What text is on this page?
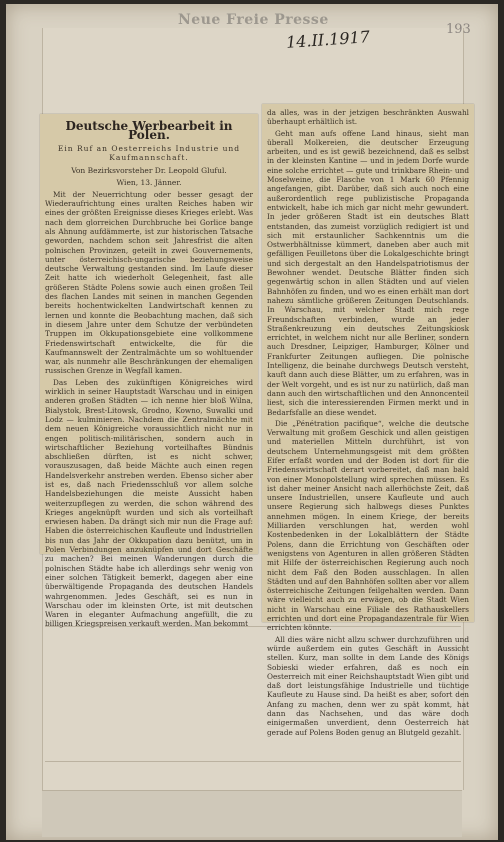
Neue Freie Presse
14.II.1917	193
Deutsche Werbearbeit in Polen.
Ein Ruf an Oesterreichs Industrie und Kaufmannschaft.
Von Bezirksvorsteher Dr. Leopold Gluful.
Wien, 13. Jänner.

Mit der Neuerrichtung oder besser gesagt der Wiederaufrichtung eines uralten Reiches haben wir eines der größten Ereignisse dieses Krieges erlebt. Was nach dem glorreichen Durchbruche bei Gorlice bange als Ahnung aufdämmerte, ist zur historischen Tatsache geworden, nachdem schon seit Jahresfrist die alten polnischen Provinzen, geteilt in zwei Gouvernements, unter österreichisch-ungarische beziehungsweise deutsche Verwaltung gestanden sind. Im Laufe dieser Zeit hatte ich wiederholt Gelegenheit, fast alle größeren Städte Polens sowie auch einen großen Teil des flachen Landes mit seinen in manchen Gegenden bereits hochentwickelten Landwirtschaft kennen zu lernen und konnte die Beobachtung machen, daß sich in diesem Jahre unter dem Schutze der verbündeten Truppen im Okkupationsgebiete eine vollkommene Friedenswirtschaft entwickelte, die für die Kaufmannswelt der Zentralmächte um so wohltuender war, als nunmehr alle Beschränkungen der ehemaligen russischen Grenze in Wegfall kamen.

Das Leben des zukünftigen Königreiches wird wirklich in seiner Hauptstadt Warschau und in einigen anderen großen Städten — ich nenne hier bloß Wilna, Bialystok, Brest-Litowsk, Grodno, Kowno, Suwalki und Lodz — kulminieren. Nachdem die Zentralmächte mit dem neuen Königreiche voraussichtlich nicht nur in engen politisch-militärischen, sondern auch in wirtschaftlicher Beziehung vorteilhaftes Bündnis abschließen dürften, ist es nicht schwer, vorauszusagen, daß beide Mächte auch einen regen Handelsverkehr anstreben werden. Ebenso sicher aber ist es, daß nach Friedensschluß vor allem solche Handelsbeziehungen die meiste Aussicht haben weiterzupflegen zu werden, die schon während des Krieges angeknüpft wurden und sich als vorteilhaft erwiesen haben. Da drängt sich mir nun die Frage auf: Haben die österreichischen Kaufleute und Industriellen bis nun das Jahr der Okkupation dazu benützt, um in Polen Verbindungen anzuknüpfen und dort Geschäfte zu machen? Bei meinen Wanderungen durch die polnischen Städte habe ich allerdings sehr wenig von einer solchen Tätigkeit bemerkt, dagegen aber eine überwältigende Propaganda des deutschen Handels wahrgenommen. Jedes Geschäft, sei es nun in Warschau oder im kleinsten Orte, ist mit deutschen Waren in eleganter Aufmachung angefüllt, die zu billigen Kriegspreisen verkauft werden. Man bekommt

da alles, was in der jetzigen beschränkten Auswahl überhaupt erhältlich ist.

Geht man aufs offene Land hinaus, sieht man überall Molkereien, die deutscher Erzeugung arbeiten, und es ist gewiß bezeichnend, daß es selbst in der kleinsten Kantine — und in jedem Dorfe wurde eine solche errichtet — gute und trinkbare Rhein- und Moselweine, die Flasche von 1 Mark 60 Pfennig angefangen, gibt. Darüber, daß sich auch noch eine außerordentlich rege publizistische Propaganda entwickelt, habe ich mich gar nicht mehr gewundert. In jeder größeren Stadt ist ein deutsches Blatt entstanden, das zumeist vorzüglich redigiert ist und sich mit erstaunlicher Sachkenntnis um die Ostwerbhältnisse kümmert, daneben aber auch mit gefälligen Feuilletons über die Lokalgeschichte bringt und sich dergestalt an den Handelspatriotismus der Bewohner wendet. Deutsche Blätter finden sich gegenwärtig schon in allen Städten und auf vielen Bahnhöfen zu finden, und wo es einen erhält man dort nahezu sämtliche größeren Zeitungen Deutschlands. In Warschau, mit welcher Stadt mich rege Freundschaften verbinden, wurde an jeder Straßenkreuzung ein deutsches Zeitungskiosk errichtet, in welchem nicht nur alle Berliner, sondern auch Dresdner, Leipziger, Hamburger, Kölner und Frankfurter Zeitungen aufliegen. Die polnische Intelligenz, die beinahe durchwegs Deutsch versteht, kauft dann auch diese Blätter, um zu erfahren, was in der Welt vorgeht, und es ist nur zu natürlich, daß man dann auch den wirtschaftlichen und den Annoncenteil liest, sich die interessierenden Firmen merkt und in Bedarfsfalle an diese wendet.

Die „Pénétration pacifique“, welche die deutsche Verwaltung mit großem Geschick und allen geistigen und materiellen Mitteln durchführt, ist von deutschem Unternehmungsgeist mit dem größten Eifer erfaßt worden und der Boden ist dort für die Friedenswirtschaft derart vorbereitet, daß man bald von einer Monopolstellung wird sprechen müssen. Es ist daher meiner Ansicht nach allerhöchste Zeit, daß unsere Industriellen, unsere Kaufleute und auch unsere Regierung sich halbwegs dieses Punktes annehmen mögen. In einem Kriege, der bereits Milliarden verschlungen hat, werden wohl Kostenbedenken in der Lokalblättern der Städte Polens, dann die Errichtung von Geschäften oder wenigstens von Agenturen in allen größeren Städten mit Hilfe der österreichischen Regierung auch noch nicht dem Faß den Boden ausschlagen. In allen Städten und auf den Bahnhöfen sollten aber vor allem österreichische Zeitungen feilgehalten werden. Dann wäre vielleicht auch zu erwägen, ob die Stadt Wien nicht in Warschau eine Filiale des Rathauskellers errichten und dort eine Propagandazentrale für Wien errichten könnte.

All dies wäre nicht allzu schwer durchzuführen und würde außerdem ein gutes Geschäft in Aussicht stellen. Kurz, man sollte in dem Lande des Königs Sobieski wieder erfahren, daß es noch ein Oesterreich mit einer Reichshauptstadt Wien gibt und daß dort leistungsfähige Industrielle und tüchtige Kaufleute zu Hause sind. Da heißt es aber, sofort den Anfang zu machen, denn wer zu spät kommt, hat dann das Nachsehen, und das wäre doch einigermaßen unverdient, denn Oesterreich hat gerade auf Polens Boden genug an Blutgeld gezahlt.
